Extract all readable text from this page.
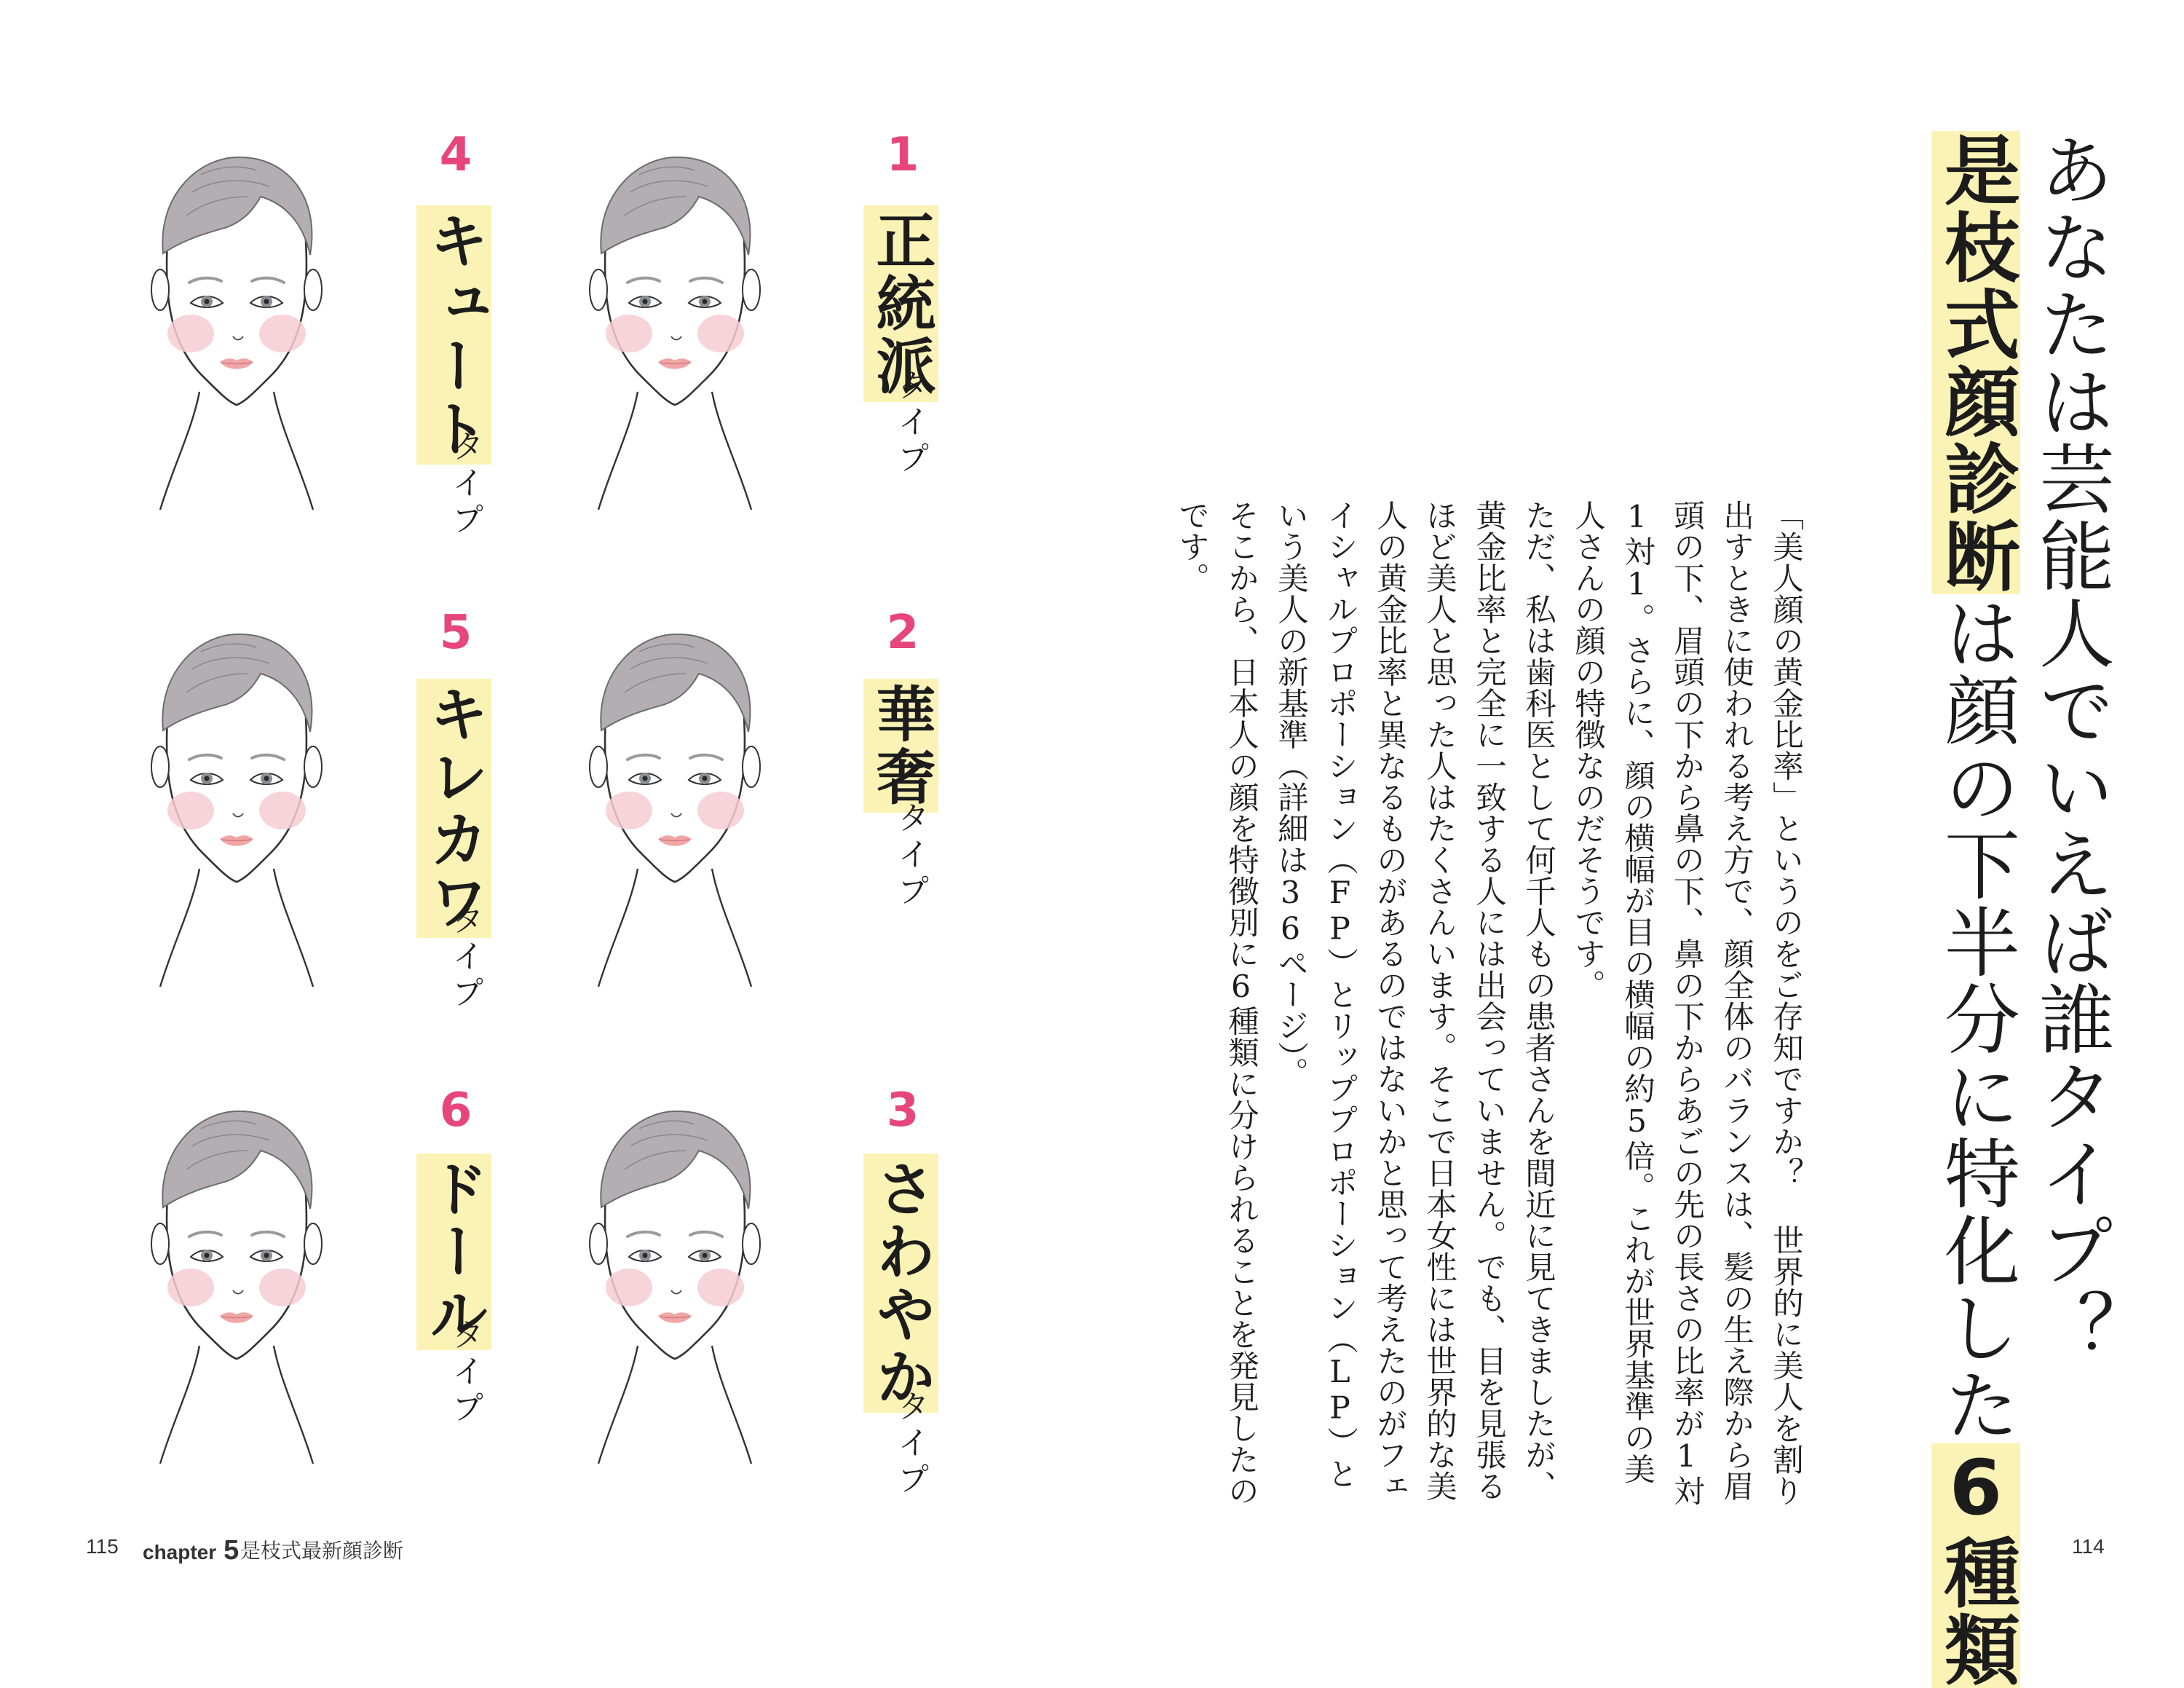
あなたは芸能人でいえば誰タイプ？
是枝式顔診断は顔の下半分に特化した6種類

「美人顔の黄金比率」というのをご存知ですか？ 世界的に美人を割り出すときに使われる考え方で、顔全体のバランスは、髪の生え際から眉頭の下、眉頭の下から鼻の下、鼻の下からあごの先の長さの比率が1対1対1。さらに、顔の横幅が目の横幅の約5倍。これが世界基準の美人さんの顔の特徴なのだそうです。

ただ、私は歯科医として何千人もの患者さんを間近に見てきましたが、黄金比率と完全に一致する人には出会っていません。でも、目を見張るほど美人と思った人はたくさんいます。そこで日本女性には世界的な美人の黄金比率と異なるものがあるのではないかと思って考えたのがフェイシャルプロポーション（FP）とリッププロポーション（LP）という美人の新基準（詳細は36ページ）。

そこから、日本人の顔を特徴別に6種類に分けられることを発見したのです。

1
正統派
タイプ
2
華奢
タイプ
3
さわやか
タイプ
4
キュート
タイプ
5
キレカワ
タイプ
6
ドール
タイプ
115 chapter 5 是枝式最新顔診断	114
